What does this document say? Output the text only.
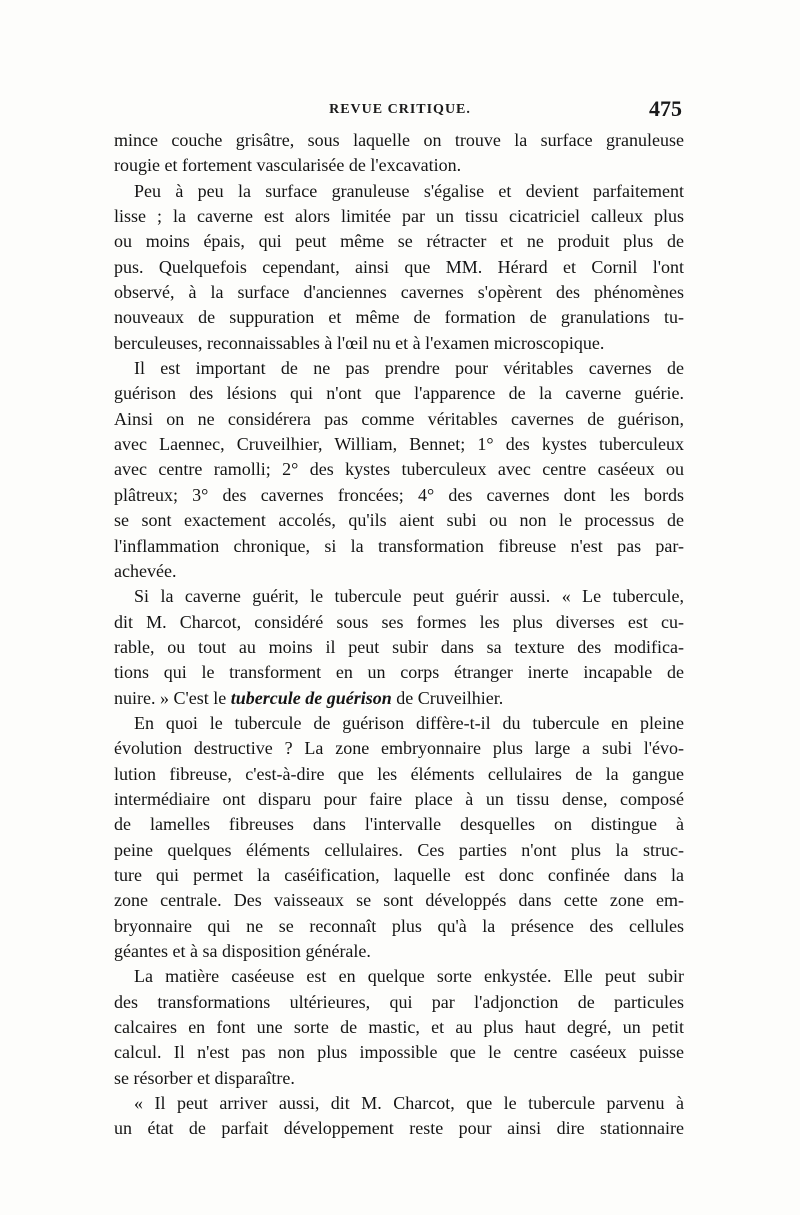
REVUE CRITIQUE.	475
mince couche grisâtre, sous laquelle on trouve la surface granuleuse
rougie et fortement vascularisée de l'excavation.
Peu à peu la surface granuleuse s'égalise et devient parfaitement
lisse ; la caverne est alors limitée par un tissu cicatriciel calleux plus
ou moins épais, qui peut même se rétracter et ne produit plus de
pus. Quelquefois cependant, ainsi que MM. Hérard et Cornil l'ont
observé, à la surface d'anciennes cavernes s'opèrent des phénomènes
nouveaux de suppuration et même de formation de granulations tu-
berculeuses, reconnaissables à l'œil nu et à l'examen microscopique.
Il est important de ne pas prendre pour véritables cavernes de
guérison des lésions qui n'ont que l'apparence de la caverne guérie.
Ainsi on ne considérera pas comme véritables cavernes de guérison,
avec Laennec, Cruveilhier, William, Bennet; 1° des kystes tuberculeux
avec centre ramolli; 2° des kystes tuberculeux avec centre caséeux ou
plâtreux; 3° des cavernes froncées; 4° des cavernes dont les bords
se sont exactement accolés, qu'ils aient subi ou non le processus de
l'inflammation chronique, si la transformation fibreuse n'est pas par-
achevée.
Si la caverne guérit, le tubercule peut guérir aussi. « Le tubercule,
dit M. Charcot, considéré sous ses formes les plus diverses est cu-
rable, ou tout au moins il peut subir dans sa texture des modifica-
tions qui le transforment en un corps étranger inerte incapable de
nuire. » C'est le tubercule de guérison de Cruveilhier.
En quoi le tubercule de guérison diffère-t-il du tubercule en pleine
évolution destructive ? La zone embryonnaire plus large a subi l'évo-
lution fibreuse, c'est-à-dire que les éléments cellulaires de la gangue
intermédiaire ont disparu pour faire place à un tissu dense, composé
de lamelles fibreuses dans l'intervalle desquelles on distingue à
peine quelques éléments cellulaires. Ces parties n'ont plus la struc-
ture qui permet la caséification, laquelle est donc confinée dans la
zone centrale. Des vaisseaux se sont développés dans cette zone em-
bryonnaire qui ne se reconnaît plus qu'à la présence des cellules
géantes et à sa disposition générale.
La matière caséeuse est en quelque sorte enkystée. Elle peut subir
des transformations ultérieures, qui par l'adjonction de particules
calcaires en font une sorte de mastic, et au plus haut degré, un petit
calcul. Il n'est pas non plus impossible que le centre caséeux puisse
se résorber et disparaître.
« Il peut arriver aussi, dit M. Charcot, que le tubercule parvenu à
un état de parfait développement reste pour ainsi dire stationnaire
